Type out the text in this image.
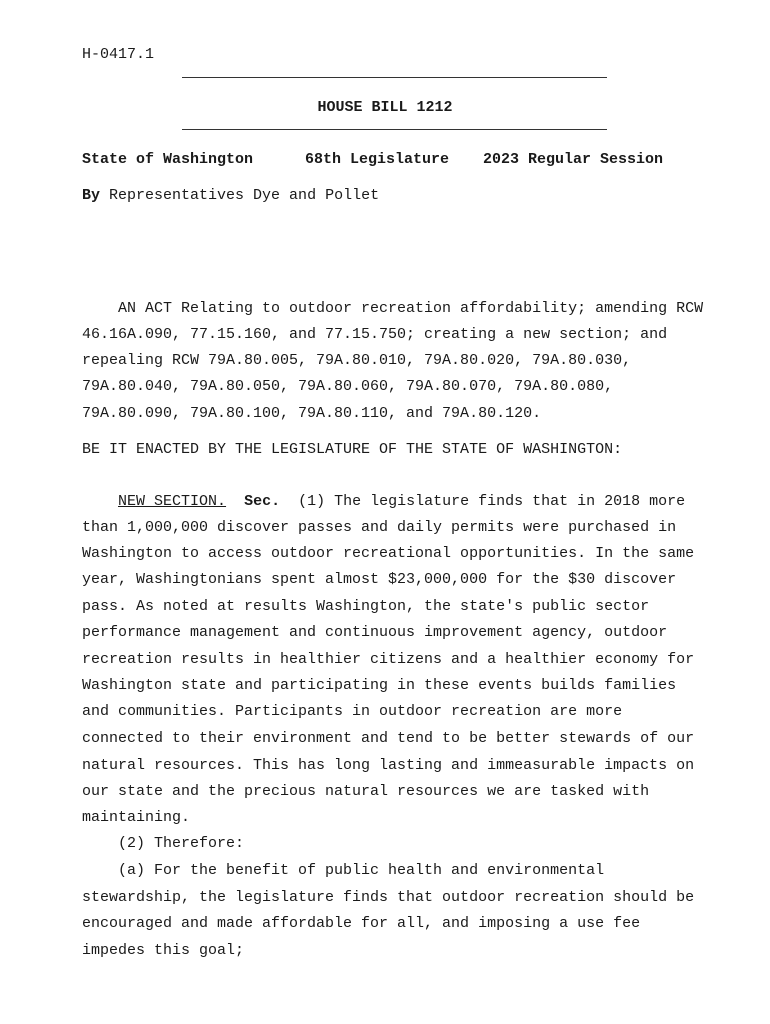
H-0417.1
HOUSE BILL 1212
State of Washington	68th Legislature 2023 Regular Session
By Representatives Dye and Pollet
AN ACT Relating to outdoor recreation affordability; amending RCW
46.16A.090, 77.15.160, and 77.15.750; creating a new section; and
repealing RCW 79A.80.005, 79A.80.010, 79A.80.020, 79A.80.030,
79A.80.040, 79A.80.050, 79A.80.060, 79A.80.070, 79A.80.080,
79A.80.090, 79A.80.100, 79A.80.110, and 79A.80.120.
BE IT ENACTED BY THE LEGISLATURE OF THE STATE OF WASHINGTON:
NEW SECTION. Sec.  (1) The legislature finds that in 2018 more
than 1,000,000 discover passes and daily permits were purchased in
Washington to access outdoor recreational opportunities. In the same
year, Washingtonians spent almost $23,000,000 for the $30 discover
pass. As noted at results Washington, the state's public sector
performance management and continuous improvement agency, outdoor
recreation results in healthier citizens and a healthier economy for
Washington state and participating in these events builds families
and communities. Participants in outdoor recreation are more
connected to their environment and tend to be better stewards of our
natural resources. This has long lasting and immeasurable impacts on
our state and the precious natural resources we are tasked with
maintaining.
(2) Therefore:
(a) For the benefit of public health and environmental
stewardship, the legislature finds that outdoor recreation should be
encouraged and made affordable for all, and imposing a use fee
impedes this goal;
